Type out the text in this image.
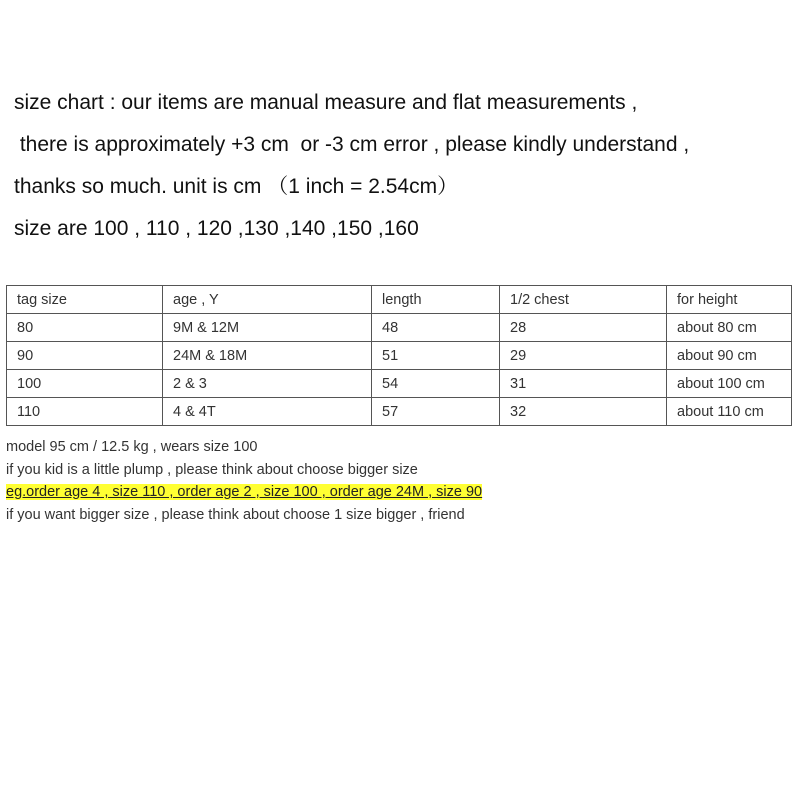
size chart : our items are manual measure and flat measurements ,
there is approximately +3 cm  or -3 cm error , please kindly understand ,
thanks so much. unit is cm （1 inch = 2.54cm）
size are 100 , 110 , 120 ,130 ,140 ,150 ,160
tag size	age , Y	length	1/2 chest	for height
80	9M & 12M	48	28	about 80 cm
90	24M & 18M	51	29	about 90 cm
100	2 & 3	54	31	about 100 cm
110	4 & 4T	57	32	about 110 cm
model 95 cm / 12.5 kg , wears size 100
if you kid is a little plump , please think about choose bigger size
eg.order age 4 , size 110 , order age 2 , size 100 , order age 24M , size 90
if you want bigger size , please think about choose 1 size bigger , friend
